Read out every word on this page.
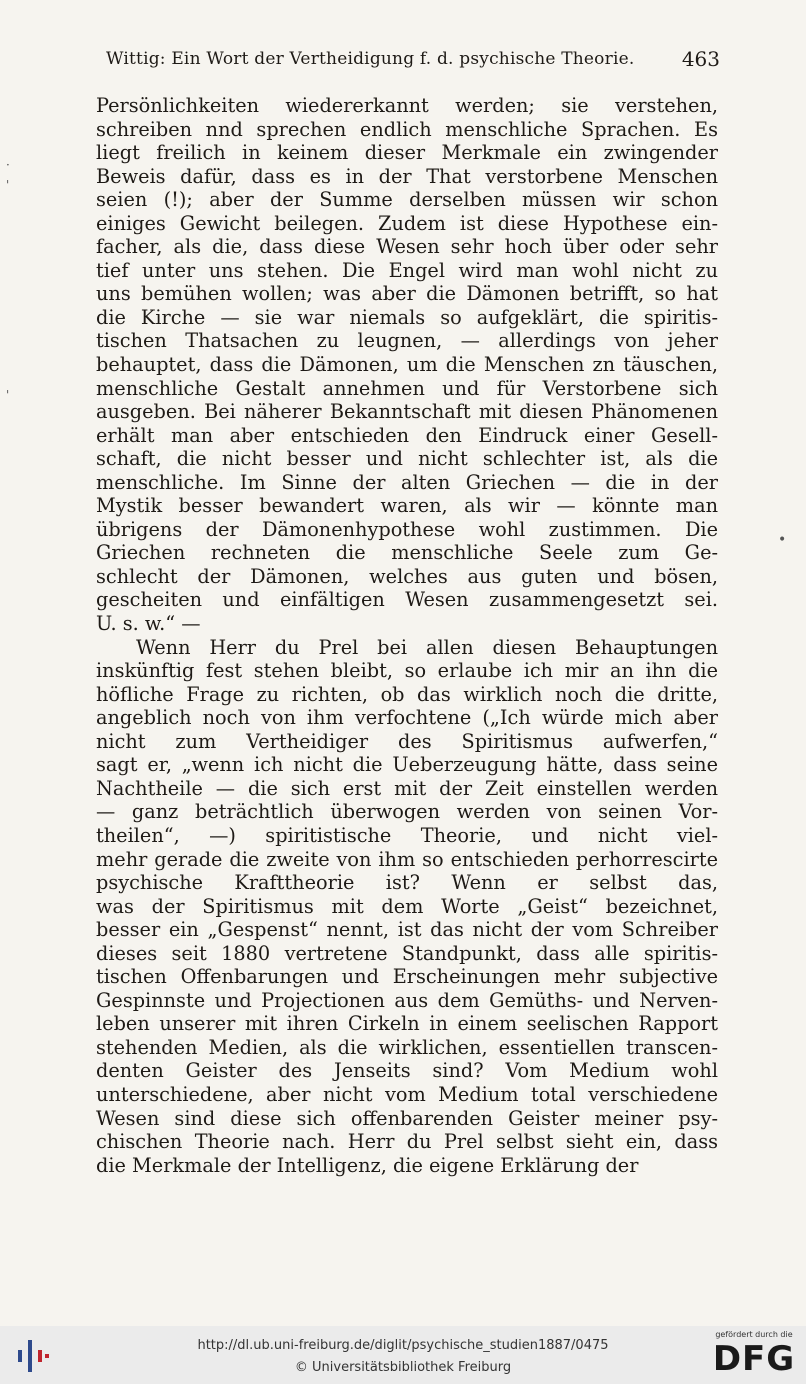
Wittig: Ein Wort der Vertheidigung f. d. psychische Theorie. 463
·
'
'
•
Persönlichkeiten wiedererkannt werden; sie verstehen,
schreiben nnd sprechen endlich menschliche Sprachen. Es
liegt freilich in keinem dieser Merkmale ein zwingender
Beweis dafür, dass es in der That verstorbene Menschen
seien (!); aber der Summe derselben müssen wir schon
einiges Gewicht beilegen. Zudem ist diese Hypothese ein-
facher, als die, dass diese Wesen sehr hoch über oder sehr
tief unter uns stehen. Die Engel wird man wohl nicht zu
uns bemühen wollen; was aber die Dämonen betrifft, so hat
die Kirche — sie war niemals so aufgeklärt, die spiritis-
tischen Thatsachen zu leugnen, — allerdings von jeher
behauptet, dass die Dämonen, um die Menschen zn täuschen,
menschliche Gestalt annehmen und für Verstorbene sich
ausgeben. Bei näherer Bekanntschaft mit diesen Phänomenen
erhält man aber entschieden den Eindruck einer Gesell-
schaft, die nicht besser und nicht schlechter ist, als die
menschliche. Im Sinne der alten Griechen — die in der
Mystik besser bewandert waren, als wir — könnte man
übrigens der Dämonenhypothese wohl zustimmen. Die
Griechen rechneten die menschliche Seele zum Ge-
schlecht der Dämonen, welches aus guten und bösen,
gescheiten und einfältigen Wesen zusammengesetzt sei.
U. s. w.“ —
Wenn Herr du Prel bei allen diesen Behauptungen
inskünftig fest stehen bleibt, so erlaube ich mir an ihn die
höfliche Frage zu richten, ob das wirklich noch die dritte,
angeblich noch von ihm verfochtene („Ich würde mich aber
nicht zum Vertheidiger des Spiritismus aufwerfen,“
sagt er, „wenn ich nicht die Ueberzeugung hätte, dass seine
Nachtheile — die sich erst mit der Zeit einstellen werden
— ganz beträchtlich überwogen werden von seinen Vor-
theilen“, —) spiritistische Theorie, und nicht viel-
mehr gerade die zweite von ihm so entschieden perhorrescirte
psychische Krafttheorie ist? Wenn er selbst das,
was der Spiritismus mit dem Worte „Geist“ bezeichnet,
besser ein „Gespenst“ nennt, ist das nicht der vom Schreiber
dieses seit 1880 vertretene Standpunkt, dass alle spiritis-
tischen Offenbarungen und Erscheinungen mehr subjective
Gespinnste und Projectionen aus dem Gemüths- und Nerven-
leben unserer mit ihren Cirkeln in einem seelischen Rapport
stehenden Medien, als die wirklichen, essentiellen transcen-
denten Geister des Jenseits sind? Vom Medium wohl
unterschiedene, aber nicht vom Medium total verschiedene
Wesen sind diese sich offenbarenden Geister meiner psy-
chischen Theorie nach. Herr du Prel selbst sieht ein, dass
die Merkmale der Intelligenz, die eigene Erklärung der
http://dl.ub.uni-freiburg.de/diglit/psychische_studien1887/0475
© Universitätsbibliothek Freiburg
gefördert durch die
DFG
